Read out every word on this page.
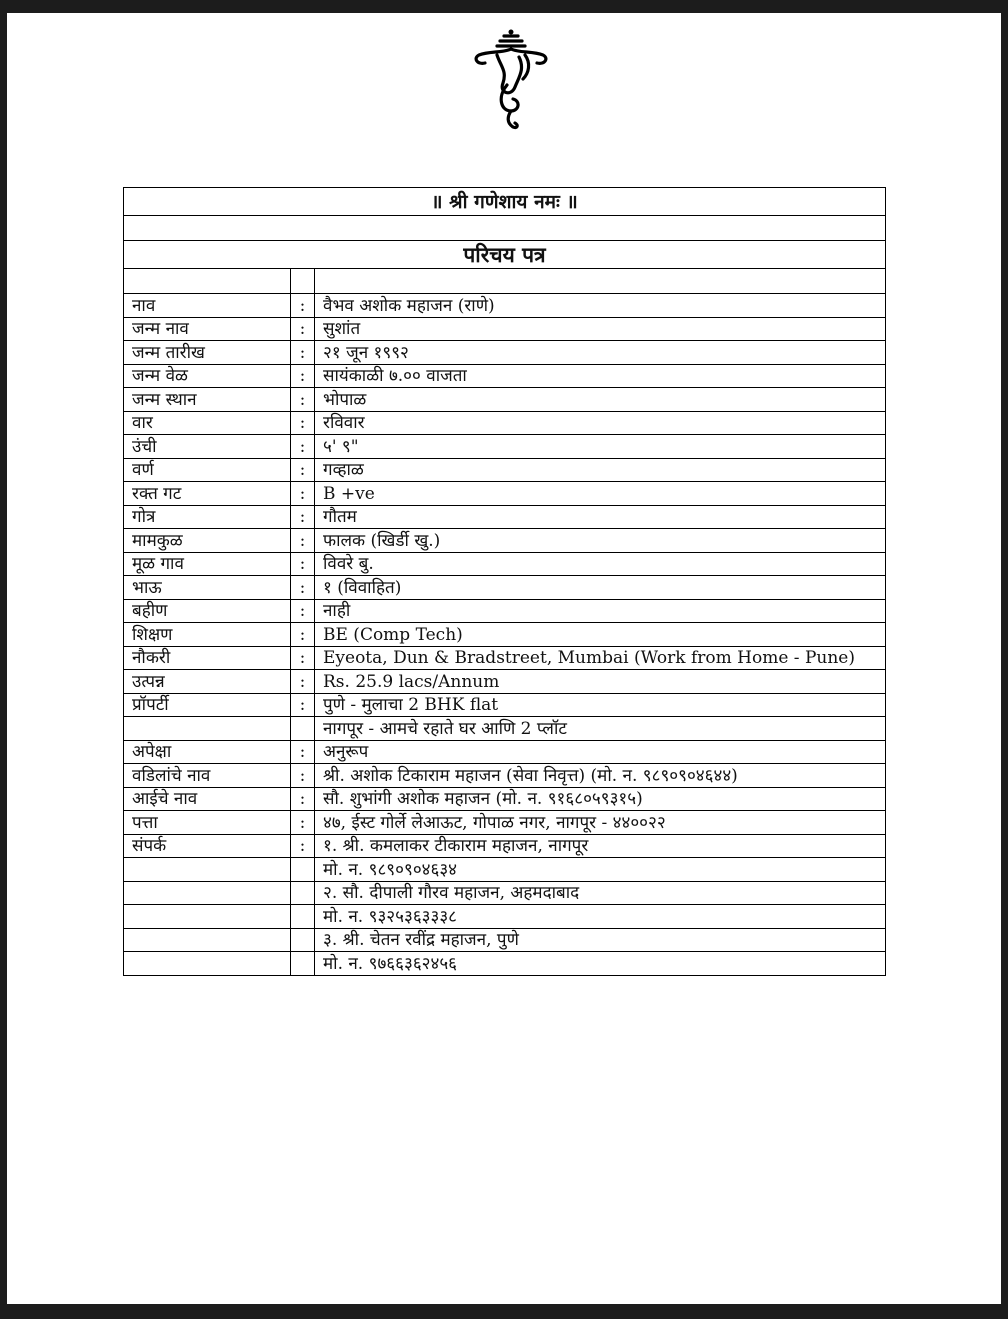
॥ श्री गणेशाय नमः ॥		

परिचय पत्र		

नाव	:	वैभव अशोक महाजन (राणे)
जन्म नाव	:	सुशांत
जन्म तारीख	:	२१ जून १९९२
जन्म वेळ	:	सायंकाळी ७.०० वाजता
जन्म स्थान	:	भोपाळ
वार	:	रविवार
उंची	:	५' ९"
वर्ण	:	गव्हाळ
रक्त गट	:	B +ve
गोत्र	:	गौतम
मामकुळ	:	फालक (खिर्डी खु.)
मूळ गाव	:	विवरे बु.
भाऊ	:	१ (विवाहित)
बहीण	:	नाही
शिक्षण	:	BE (Comp Tech)
नौकरी	:	Eyeota, Dun & Bradstreet, Mumbai (Work from Home - Pune)
उत्पन्न	:	Rs. 25.9 lacs/Annum
प्रॉपर्टी	:	पुणे - मुलाचा 2 BHK flat
		नागपूर - आमचे रहाते घर आणि 2 प्लॉट
अपेक्षा	:	अनुरूप
वडिलांचे नाव	:	श्री. अशोक टिकाराम महाजन (सेवा निवृत्त) (मो. न. ९८९०९०४६४४)
आईचे नाव	:	सौ. शुभांगी अशोक महाजन (मो. न. ९१६८०५९३१५)
पत्ता	:	४७, ईस्ट गोर्ले लेआऊट, गोपाळ नगर, नागपूर - ४४००२२
संपर्क	:	१. श्री. कमलाकर टीकाराम महाजन, नागपूर
		मो. न. ९८९०९०४६३४
		२. सौ. दीपाली गौरव महाजन, अहमदाबाद
		मो. न. ९३२५३६३३३८
		३. श्री. चेतन रवींद्र महाजन, पुणे
		मो. न. ९७६६३६२४५६
